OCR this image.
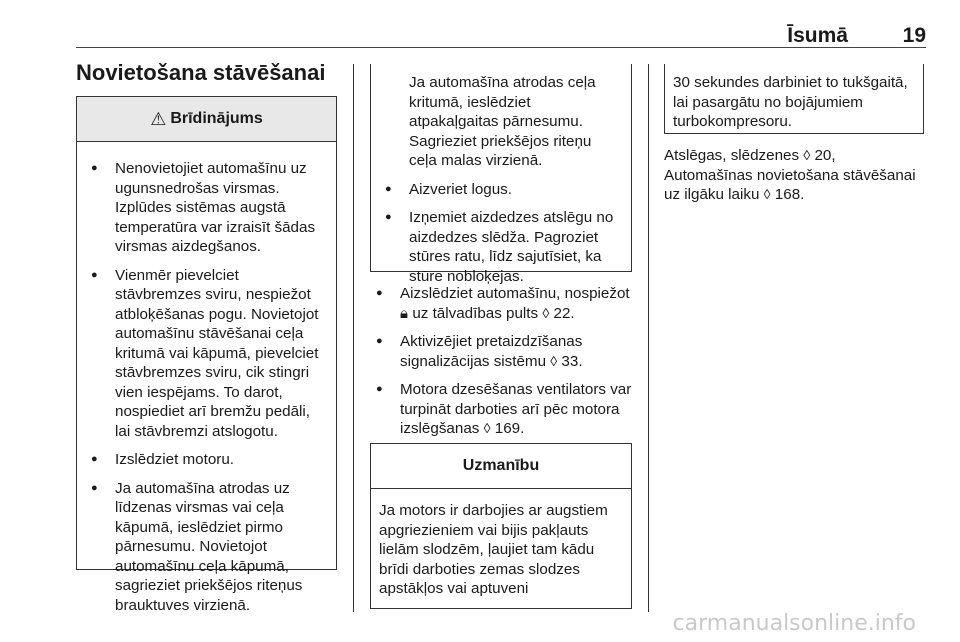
Īsumā	19
Novietošana stāvēšanai
⚠ Brīdinājums
● Nenovietojiet automašīnu uz ugunsnedrošas virsmas. Izplūdes sistēmas augstā temperatūra var izraisīt šādas virsmas aizdegšanos.
● Vienmēr pievelciet stāvbremzes sviru, nespiežot atbloķēšanas pogu. Novietojot automašīnu stāvēšanai ceļa kritumā vai kāpumā, pievelciet stāvbremzes sviru, cik stingri vien iespējams. To darot, nospiediet arī bremžu pedāli, lai stāvbremzi atslogotu.
● Izslēdziet motoru.
● Ja automašīna atrodas uz līdzenas virsmas vai ceļa kāpumā, ieslēdziet pirmo pārnesumu. Novietojot automašīnu ceļa kāpumā, sagrieziet priekšējos riteņus brauktuves virzienā.

Ja automašīna atrodas ceļa kritumā, ieslēdziet atpakaļgaitas pārnesumu. Sagrieziet priekšējos riteņu ceļa malas virzienā.

● Aizveriet logus.
● Izņemiet aizdedzes atslēgu no aizdedzes slēdža. Pagroziet stūres ratu, līdz sajutīsiet, ka stūre nobloķējas.
● Aizslēdziet automašīnu, nospiežot 🔒︎ uz tālvadības pults ◊ 22.
● Aktivizējiet pretaizdzīšanas signalizācijas sistēmu ◊ 33.
● Motora dzesēšanas ventilators var turpināt darboties arī pēc motora izslēgšanas ◊ 169.
Uzmanību

Ja motors ir darbojies ar augstiem apgriezieniem vai bijis pakļauts lielām slodzēm, ļaujiet tam kādu brīdi darboties zemas slodzes apstākļos vai aptuveni

30 sekundes darbiniet to tukšgaitā, lai pasargātu no bojājumiem turbokompresoru.

Atslēgas, slēdzenes ◊ 20,

Automašīnas novietošana stāvēšanai uz ilgāku laiku ◊ 168.

carmanualsonline.info
